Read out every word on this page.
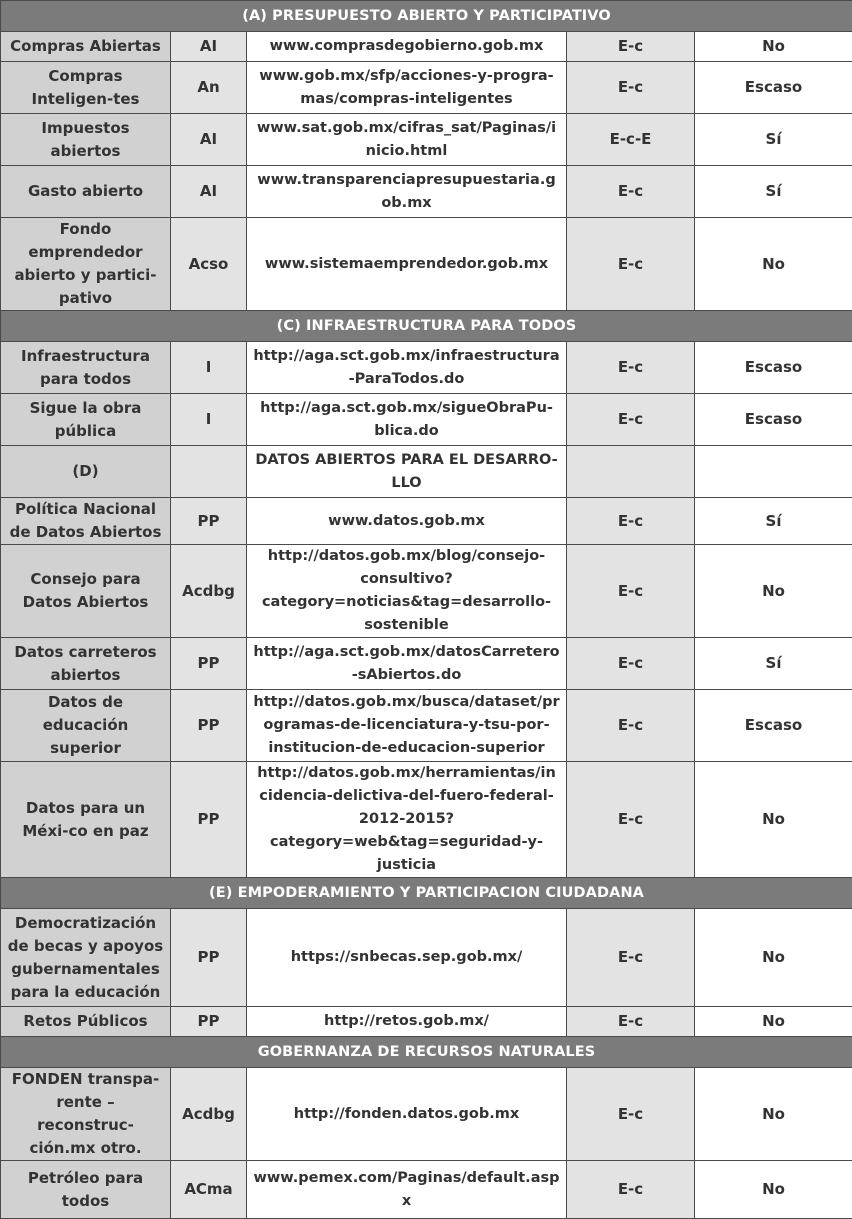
(A) PRESUPUESTO ABIERTO Y PARTICIPATIVO				
Compras Abiertas	AI	www.comprasdegobierno.gob.mx	E-c	No
Compras Inteligen-tes	An	www.gob.mx/sfp/acciones-y-progra-mas/compras-inteligentes	E-c	Escaso
Impuestos abiertos	AI	www.sat.gob.mx/cifras_sat/Paginas/inicio.html	E-c-E	Sí
Gasto abierto	AI	www.transparenciapresupuestaria.gob.mx	E-c	Sí
Fondo emprendedor abierto y partici-pativo	Acso	www.sistemaemprendedor.gob.mx	E-c	No
(C) INFRAESTRUCTURA PARA TODOS				
Infraestructura para todos	I	http://aga.sct.gob.mx/infraestructura-ParaTodos.do	E-c	Escaso
Sigue la obra pública	I	http://aga.sct.gob.mx/sigueObraPu-blica.do	E-c	Escaso
(D)		DATOS ABIERTOS PARA EL DESARRO-LLO		
Política Nacional de Datos Abiertos	PP	www.datos.gob.mx	E-c	Sí
Consejo para Datos Abiertos	Acdbg	http://datos.gob.mx/blog/consejo-consultivo?category=noticias&tag=desarrollo-sostenible	E-c	No
Datos carreteros abiertos	PP	http://aga.sct.gob.mx/datosCarretero-sAbiertos.do	E-c	Sí
Datos de educación superior	PP	http://datos.gob.mx/busca/dataset/programas-de-licenciatura-y-tsu-por-institucion-de-educacion-superior	E-c	Escaso
Datos para un Méxi-co en paz	PP	http://datos.gob.mx/herramientas/incidencia-delictiva-del-fuero-federal-2012-2015?category=web&tag=seguridad-y-justicia	E-c	No
(E) EMPODERAMIENTO Y PARTICIPACION CIUDADANA				
Democratización de becas y apoyos gubernamentales para la educación	PP	https://snbecas.sep.gob.mx/	E-c	No
Retos Públicos	PP	http://retos.gob.mx/	E-c	No
GOBERNANZA DE RECURSOS NATURALES				
FONDEN transpa-rente – reconstruc-ción.mx otro.	Acdbg	http://fonden.datos.gob.mx	E-c	No
Petróleo para todos	ACma	www.pemex.com/Paginas/default.aspx	E-c	No
